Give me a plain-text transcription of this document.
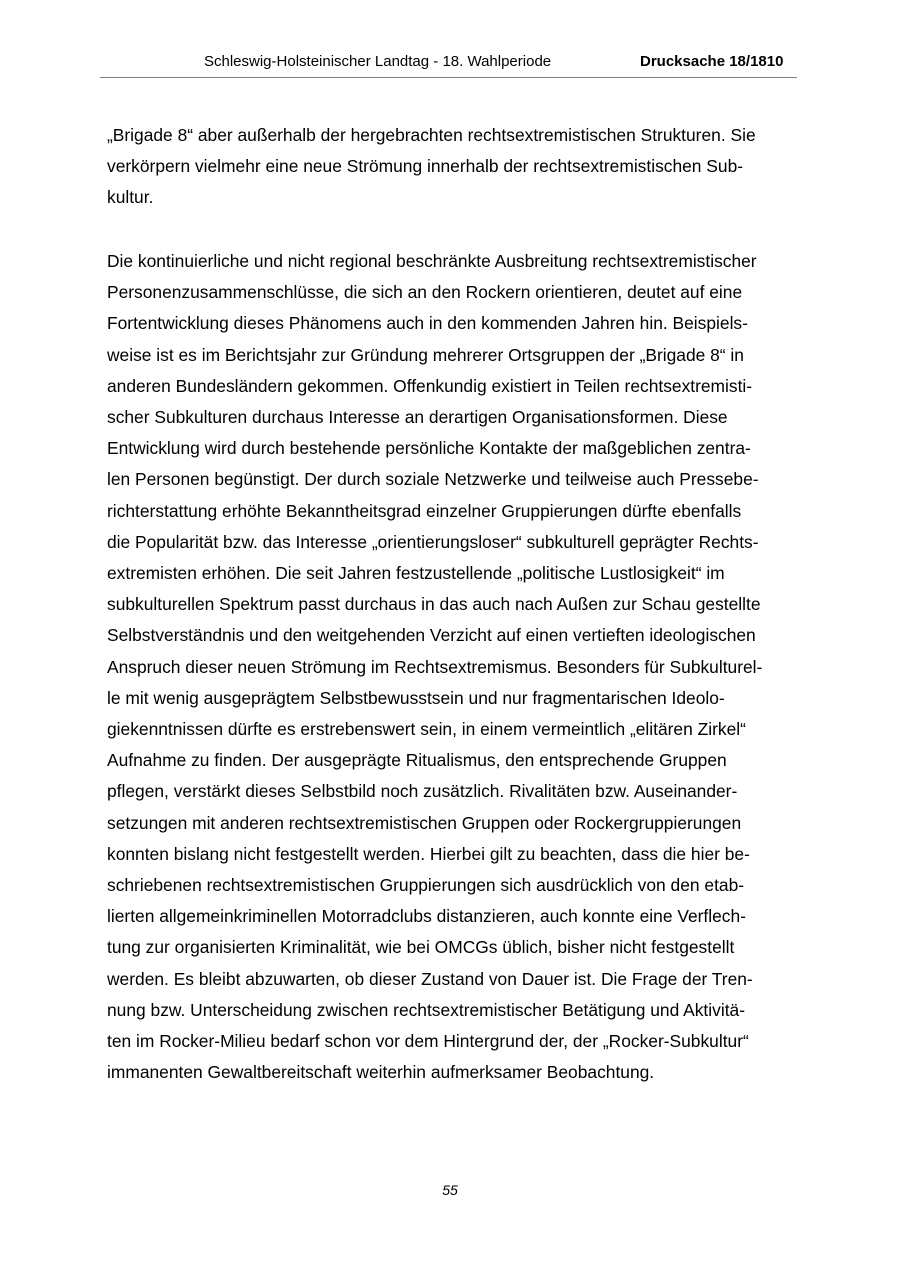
Schleswig-Holsteinischer Landtag - 18. Wahlperiode	Drucksache 18/1810
„Brigade 8“ aber außerhalb der hergebrachten rechtsextremistischen Strukturen. Sie
verkörpern vielmehr eine neue Strömung innerhalb der rechtsextremistischen Sub-
kultur.
Die kontinuierliche und nicht regional beschränkte Ausbreitung rechtsextremistischer
Personenzusammenschlüsse, die sich an den Rockern orientieren, deutet auf eine
Fortentwicklung dieses Phänomens auch in den kommenden Jahren hin. Beispiels-
weise ist es im Berichtsjahr zur Gründung mehrerer Ortsgruppen der „Brigade 8“ in
anderen Bundesländern gekommen. Offenkundig existiert in Teilen rechtsextremisti-
scher Subkulturen durchaus Interesse an derartigen Organisationsformen. Diese
Entwicklung wird durch bestehende persönliche Kontakte der maßgeblichen zentra-
len Personen begünstigt. Der durch soziale Netzwerke und teilweise auch Pressebe-
richterstattung erhöhte Bekanntheitsgrad einzelner Gruppierungen dürfte ebenfalls
die Popularität bzw. das Interesse „orientierungsloser“ subkulturell geprägter Rechts-
extremisten erhöhen. Die seit Jahren festzustellende „politische Lustlosigkeit“ im
subkulturellen Spektrum passt durchaus in das auch nach Außen zur Schau gestellte
Selbstverständnis und den weitgehenden Verzicht auf einen vertieften ideologischen
Anspruch dieser neuen Strömung im Rechtsextremismus. Besonders für Subkulturel-
le mit wenig ausgeprägtem Selbstbewusstsein und nur fragmentarischen Ideolo-
giekenntnissen dürfte es erstrebenswert sein, in einem vermeintlich „elitären Zirkel“
Aufnahme zu finden. Der ausgeprägte Ritualismus, den entsprechende Gruppen
pflegen, verstärkt dieses Selbstbild noch zusätzlich. Rivalitäten bzw. Auseinander-
setzungen mit anderen rechtsextremistischen Gruppen oder Rockergruppierungen
konnten bislang nicht festgestellt werden. Hierbei gilt zu beachten, dass die hier be-
schriebenen rechtsextremistischen Gruppierungen sich ausdrücklich von den etab-
lierten allgemeinkriminellen Motorradclubs distanzieren, auch konnte eine Verflech-
tung zur organisierten Kriminalität, wie bei OMCGs üblich, bisher nicht festgestellt
werden. Es bleibt abzuwarten, ob dieser Zustand von Dauer ist. Die Frage der Tren-
nung bzw. Unterscheidung zwischen rechtsextremistischer Betätigung und Aktivitä-
ten im Rocker-Milieu bedarf schon vor dem Hintergrund der, der „Rocker-Subkultur“
immanenten Gewaltbereitschaft weiterhin aufmerksamer Beobachtung.
55
